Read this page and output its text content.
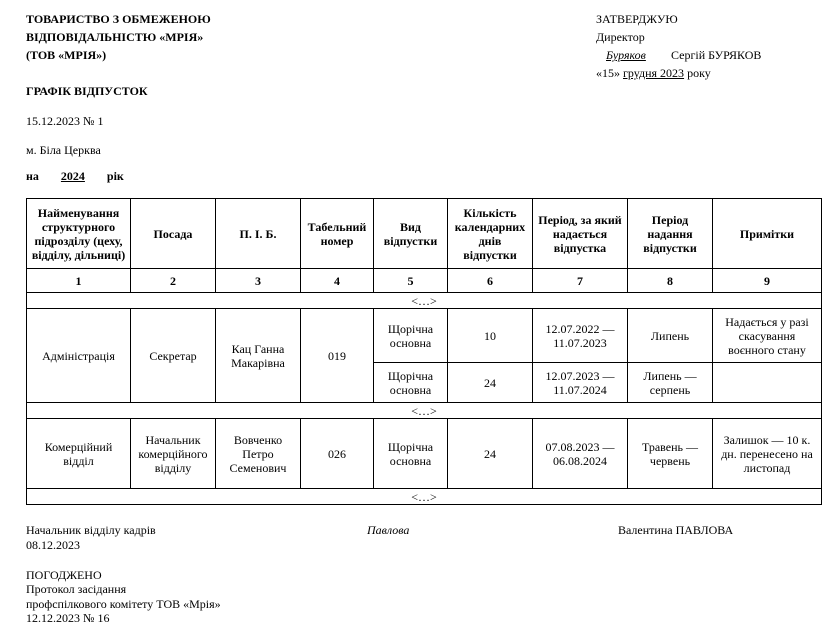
ТОВАРИСТВО З ОБМЕЖЕНОЮ
ВІДПОВІДАЛЬНІСТЮ «МРІЯ»
(ТОВ «МРІЯ»)
ЗАТВЕРДЖУЮ
Директор
Буряков Сергій БУРЯКОВ
«15» грудня 2023 року
ГРАФІК ВІДПУСТОК
15.12.2023 № 1
м. Біла Церква
на 2024 рік
Найменування структурного підрозділу (цеху, відділу, дільниці)	Посада	П. І. Б.	Табельний номер	Вид відпустки	Кількість календарних днів відпустки	Період, за який надається відпустка	Період надання відпустки	Примітки
1	2	3	4	5	6	7	8	9
<…>								
Адміністрація	Секретар	Кац Ганна Макарівна	019	Щорічна основна	10	12.07.2022 — 11.07.2023	Липень	Надається у разі скасування воєнного стану
				Щорічна основна	24	12.07.2023 — 11.07.2024	Липень — серпень	
<…>								
Комерційний відділ	Начальник комерційного відділу	Вовченко Петро Семенович	026	Щорічна основна	24	07.08.2023 — 06.08.2024	Травень — червень	Залишок — 10 к. дн. перенесено на листопад
<…>								
Начальник відділу кадрів	Павлова	Валентина ПАВЛОВА
08.12.2023
ПОГОДЖЕНО
Протокол засідання
профспілкового комітету ТОВ «Мрія»
12.12.2023 № 16
